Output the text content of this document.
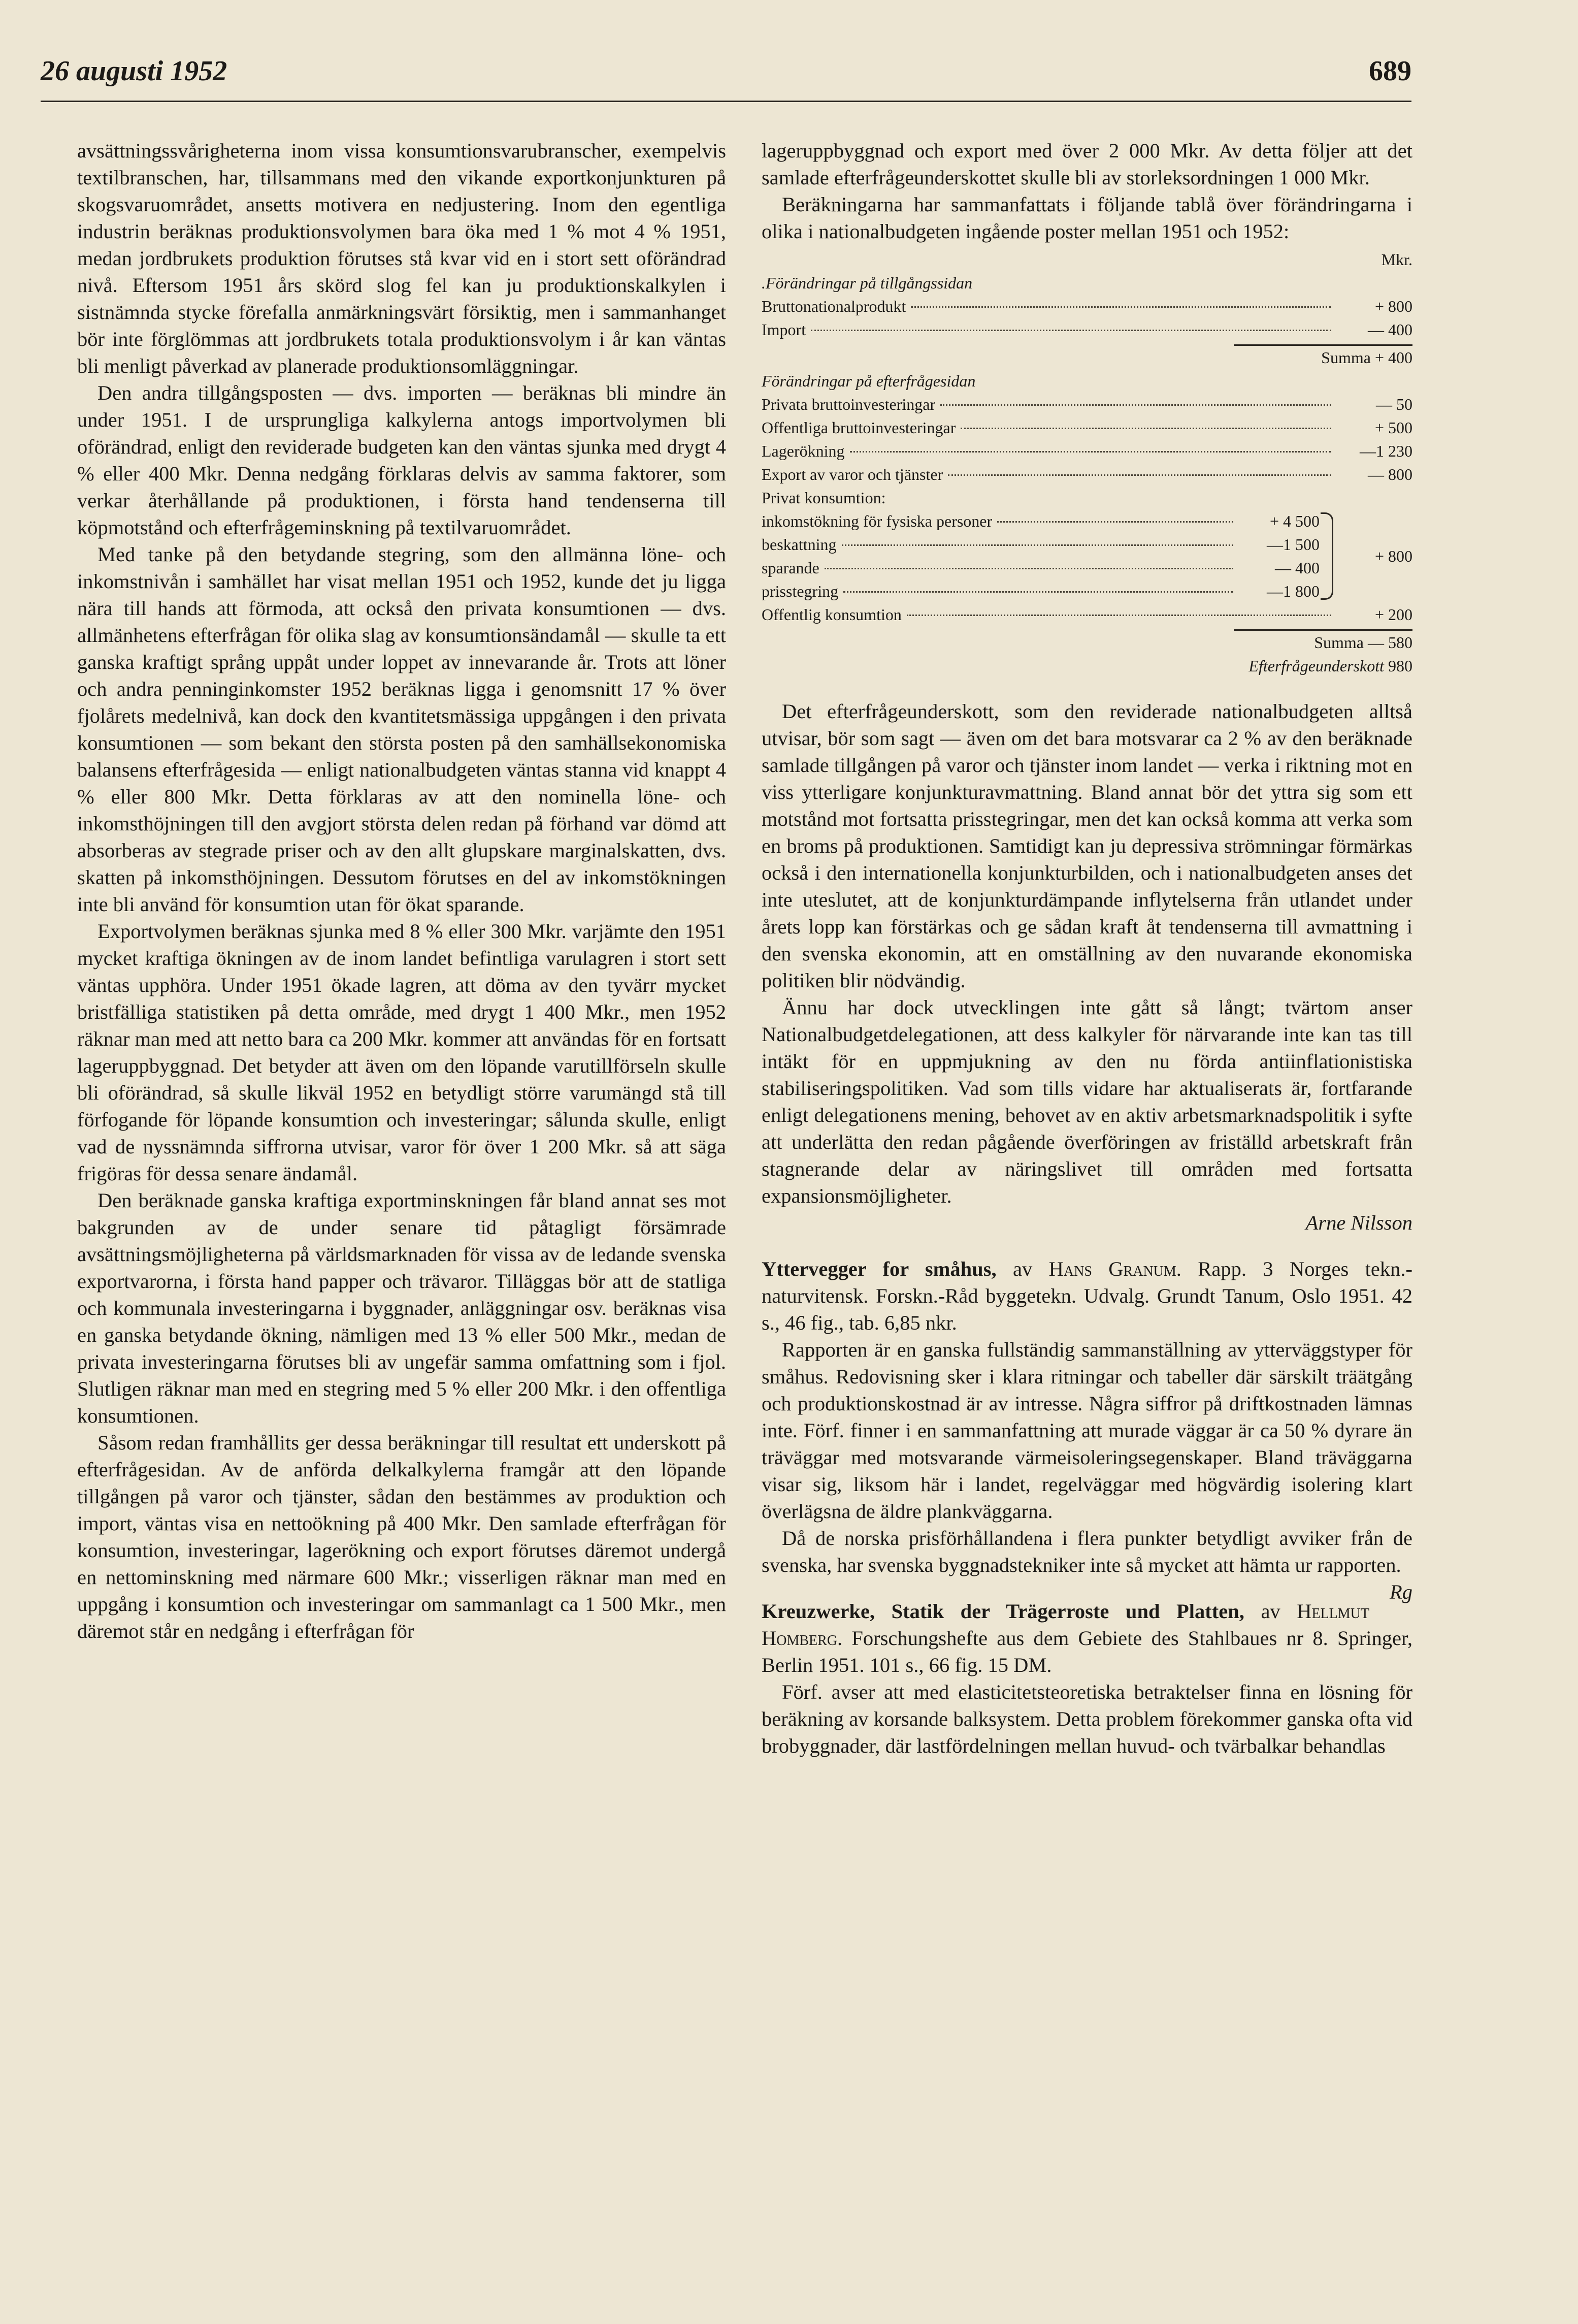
26 augusti 1952	689

avsättningssvårigheterna inom vissa konsumtionsvarubranscher, exempelvis textilbranschen, har, tillsammans med den vikande exportkonjunkturen på skogsvaruområdet, ansetts motivera en nedjustering. Inom den egentliga industrin beräknas produktionsvolymen bara öka med 1 % mot 4 % 1951, medan jordbrukets produktion förutses stå kvar vid en i stort sett oförändrad nivå. Eftersom 1951 års skörd slog fel kan ju produktionskalkylen i sistnämnda stycke förefalla anmärkningsvärt försiktig, men i sammanhanget bör inte förglömmas att jordbrukets totala produktionsvolym i år kan väntas bli menligt påverkad av planerade produktionsomläggningar.

Den andra tillgångsposten — dvs. importen — beräknas bli mindre än under 1951. I de ursprungliga kalkylerna antogs importvolymen bli oförändrad, enligt den reviderade budgeten kan den väntas sjunka med drygt 4 % eller 400 Mkr. Denna nedgång förklaras delvis av samma faktorer, som verkar återhållande på produktionen, i första hand tendenserna till köpmotstånd och efterfrågeminskning på textilvaruområdet.

Med tanke på den betydande stegring, som den allmänna löne- och inkomstnivån i samhället har visat mellan 1951 och 1952, kunde det ju ligga nära till hands att förmoda, att också den privata konsumtionen — dvs. allmänhetens efterfrågan för olika slag av konsumtionsändamål — skulle ta ett ganska kraftigt språng uppåt under loppet av innevarande år. Trots att löner och andra penninginkomster 1952 beräknas ligga i genomsnitt 17 % över fjolårets medelnivå, kan dock den kvantitetsmässiga uppgången i den privata konsumtionen — som bekant den största posten på den samhällsekonomiska balansens efterfrågesida — enligt nationalbudgeten väntas stanna vid knappt 4 % eller 800 Mkr. Detta förklaras av att den nominella löne- och inkomsthöjningen till den avgjort största delen redan på förhand var dömd att absorberas av stegrade priser och av den allt glupskare marginalskatten, dvs. skatten på inkomsthöjningen. Dessutom förutses en del av inkomstökningen inte bli använd för konsumtion utan för ökat sparande.

Exportvolymen beräknas sjunka med 8 % eller 300 Mkr. varjämte den 1951 mycket kraftiga ökningen av de inom landet befintliga varulagren i stort sett väntas upphöra. Under 1951 ökade lagren, att döma av den tyvärr mycket bristfälliga statistiken på detta område, med drygt 1 400 Mkr., men 1952 räknar man med att netto bara ca 200 Mkr. kommer att användas för en fortsatt lageruppbyggnad. Det betyder att även om den löpande varutillförseln skulle bli oförändrad, så skulle likväl 1952 en betydligt större varumängd stå till förfogande för löpande konsumtion och investeringar; sålunda skulle, enligt vad de nyssnämnda siffrorna utvisar, varor för över 1 200 Mkr. så att säga frigöras för dessa senare ändamål.

Den beräknade ganska kraftiga exportminskningen får bland annat ses mot bakgrunden av de under senare tid påtagligt försämrade avsättningsmöjligheterna på världsmarknaden för vissa av de ledande svenska exportvarorna, i första hand papper och trävaror. Tilläggas bör att de statliga och kommunala investeringarna i byggnader, anläggningar osv. beräknas visa en ganska betydande ökning, nämligen med 13 % eller 500 Mkr., medan de privata investeringarna förutses bli av ungefär samma omfattning som i fjol. Slutligen räknar man med en stegring med 5 % eller 200 Mkr. i den offentliga konsumtionen.

Såsom redan framhållits ger dessa beräkningar till resultat ett underskott på efterfrågesidan. Av de anförda delkalkylerna framgår att den löpande tillgången på varor och tjänster, sådan den bestämmes av produktion och import, väntas visa en nettoökning på 400 Mkr. Den samlade efterfrågan för konsumtion, investeringar, lagerökning och export förutses däremot undergå en nettominskning med närmare 600 Mkr.; visserligen räknar man med en uppgång i konsumtion och investeringar om sammanlagt ca 1 500 Mkr., men däremot står en nedgång i efterfrågan för

lageruppbyggnad och export med över 2 000 Mkr. Av detta följer att det samlade efterfrågeunderskottet skulle bli av storleksordningen 1 000 Mkr.

Beräkningarna har sammanfattats i följande tablå över förändringarna i olika i nationalbudgeten ingående poster mellan 1951 och 1952:

Mkr.
.Förändringar på tillgångssidan
Bruttonationalprodukt	+ 800
Import	— 400
Summa + 400
Förändringar på efterfrågesidan
Privata bruttoinvesteringar	— 50
Offentliga bruttoinvesteringar	+ 500
Lagerökning	—1 230
Export av varor och tjänster	— 800
Privat konsumtion:
inkomstökning för fysiska personer	+ 4 500
beskattning	—1 500
sparande	— 400
prisstegring	—1 800
+ 800
Offentlig konsumtion	+ 200
Summa — 580
Efterfrågeunderskott 980

Det efterfrågeunderskott, som den reviderade nationalbudgeten alltså utvisar, bör som sagt — även om det bara motsvarar ca 2 % av den beräknade samlade tillgången på varor och tjänster inom landet — verka i riktning mot en viss ytterligare konjunkturavmattning. Bland annat bör det yttra sig som ett motstånd mot fortsatta prisstegringar, men det kan också komma att verka som en broms på produktionen. Samtidigt kan ju depressiva strömningar förmärkas också i den internationella konjunkturbilden, och i nationalbudgeten anses det inte uteslutet, att de konjunkturdämpande inflytelserna från utlandet under årets lopp kan förstärkas och ge sådan kraft åt tendenserna till avmattning i den svenska ekonomin, att en omställning av den nuvarande ekonomiska politiken blir nödvändig.

Ännu har dock utvecklingen inte gått så långt; tvärtom anser Nationalbudgetdelegationen, att dess kalkyler för närvarande inte kan tas till intäkt för en uppmjukning av den nu förda antiinflationistiska stabiliseringspolitiken. Vad som tills vidare har aktualiserats är, fortfarande enligt delegationens mening, behovet av en aktiv arbetsmarknadspolitik i syfte att underlätta den redan pågående överföringen av friställd arbetskraft från stagnerande delar av näringslivet till områden med fortsatta expansionsmöjligheter.

Arne Nilsson

Yttervegger for småhus, av Hans Granum. Rapp. 3 Norges tekn.-naturvitensk. Forskn.-Råd byggetekn. Udvalg. Grundt Tanum, Oslo 1951. 42 s., 46 fig., tab. 6,85 nkr.

Rapporten är en ganska fullständig sammanställning av ytterväggstyper för småhus. Redovisning sker i klara ritningar och tabeller där särskilt träätgång och produktionskostnad är av intresse. Några siffror på driftkostnaden lämnas inte. Förf. finner i en sammanfattning att murade väggar är ca 50 % dyrare än träväggar med motsvarande värmeisoleringsegenskaper. Bland träväggarna visar sig, liksom här i landet, regelväggar med högvärdig isolering klart överlägsna de äldre plankväggarna.

Då de norska prisförhållandena i flera punkter betydligt avviker från de svenska, har svenska byggnadstekniker inte så mycket att hämta ur rapporten.
Rg

Kreuzwerke, Statik der Trägerroste und Platten, av Hellmut Homberg. Forschungshefte aus dem Gebiete des Stahlbaues nr 8. Springer, Berlin 1951. 101 s., 66 fig. 15 DM.

Förf. avser att med elasticitetsteoretiska betraktelser finna en lösning för beräkning av korsande balksystem. Detta problem förekommer ganska ofta vid brobyggnader, där lastfördelningen mellan huvud- och tvärbalkar behandlas
